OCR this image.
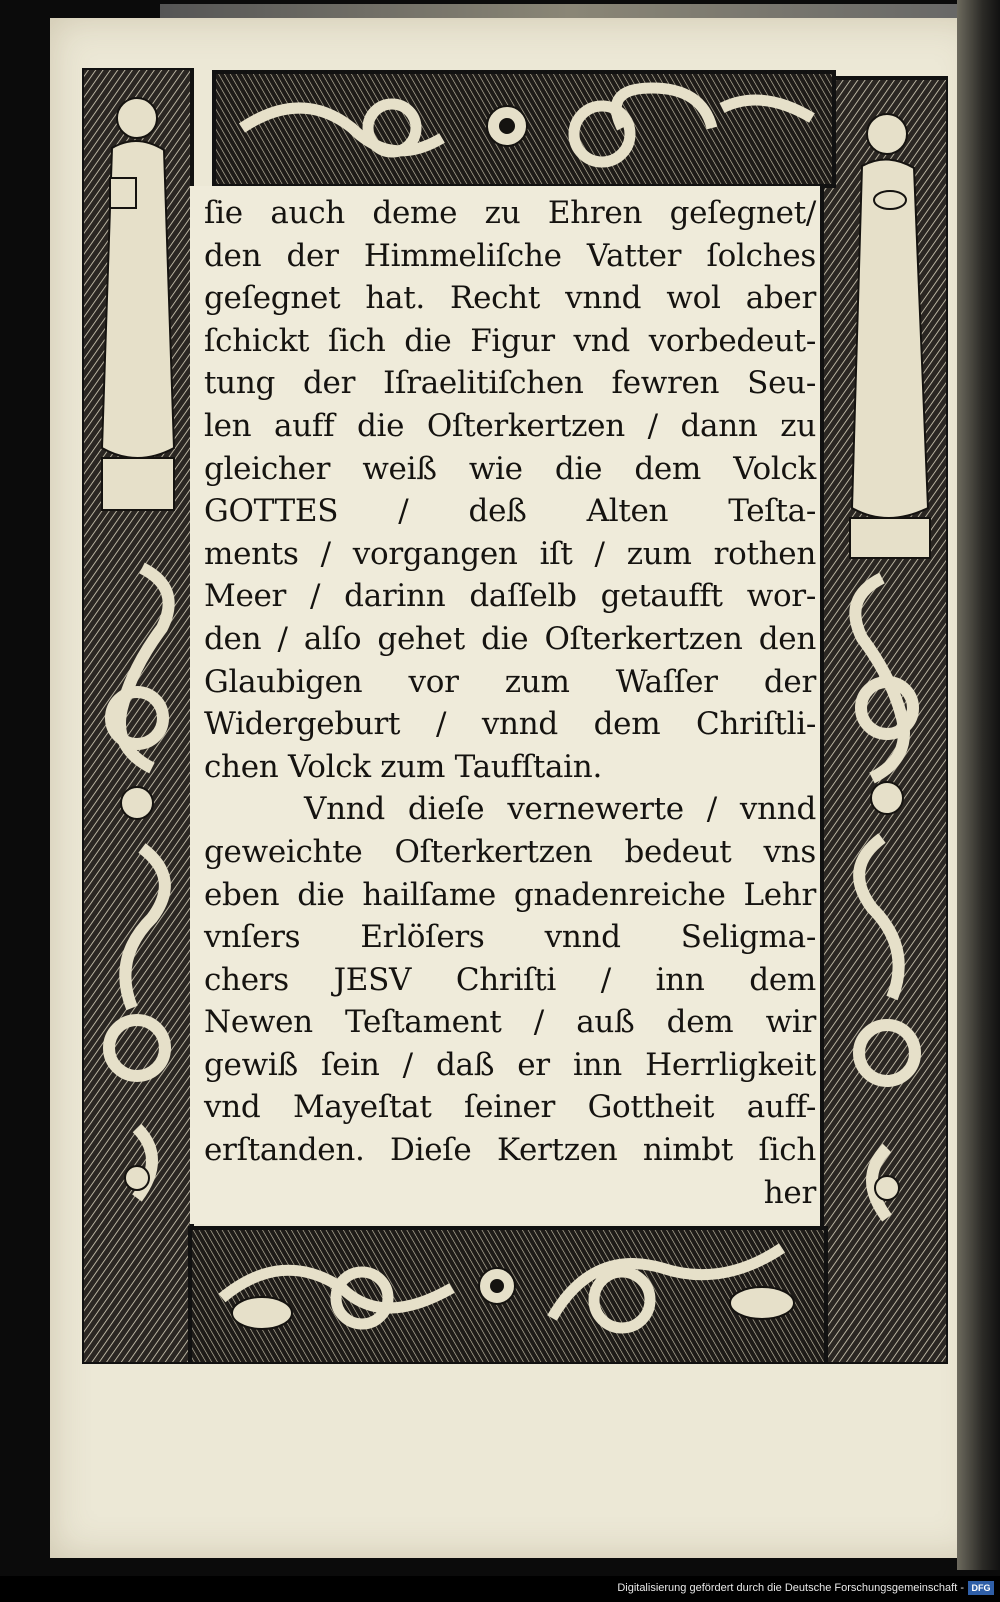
ſie auch deme zu Ehren geſegnet/
den der Himmeliſche Vatter ſolches
geſegnet hat. Recht vnnd wol aber
ſchickt ſich die Figur vnd vorbedeut-
tung der Iſraelitiſchen fewren Seu-
len auff die Oſterkertzen / dann zu
gleicher weiß wie die dem Volck
GOTTES / deß Alten Teſta-
ments / vorgangen iſt / zum rothen
Meer / darinn daſſelb getaufft wor-
den / alſo gehet die Oſterkertzen den
Glaubigen vor zum Waſſer der
Widergeburt / vnnd dem Chriſtli-
chen Volck zum Taufſtain.
Vnnd dieſe vernewerte / vnnd
geweichte Oſterkertzen bedeut vns
eben die hailſame gnadenreiche Lehr
vnſers Erlöſers vnnd Seligma-
chers JESV Chriſti / inn dem
Newen Teſtament / auß dem wir
gewiß ſein / daß er inn Herrligkeit
vnd Mayeſtat ſeiner Gottheit auff-
erſtanden. Dieſe Kertzen nimbt ſich
her
Digitalisierung gefördert durch die Deutsche Forschungsgemeinschaft - DFG
